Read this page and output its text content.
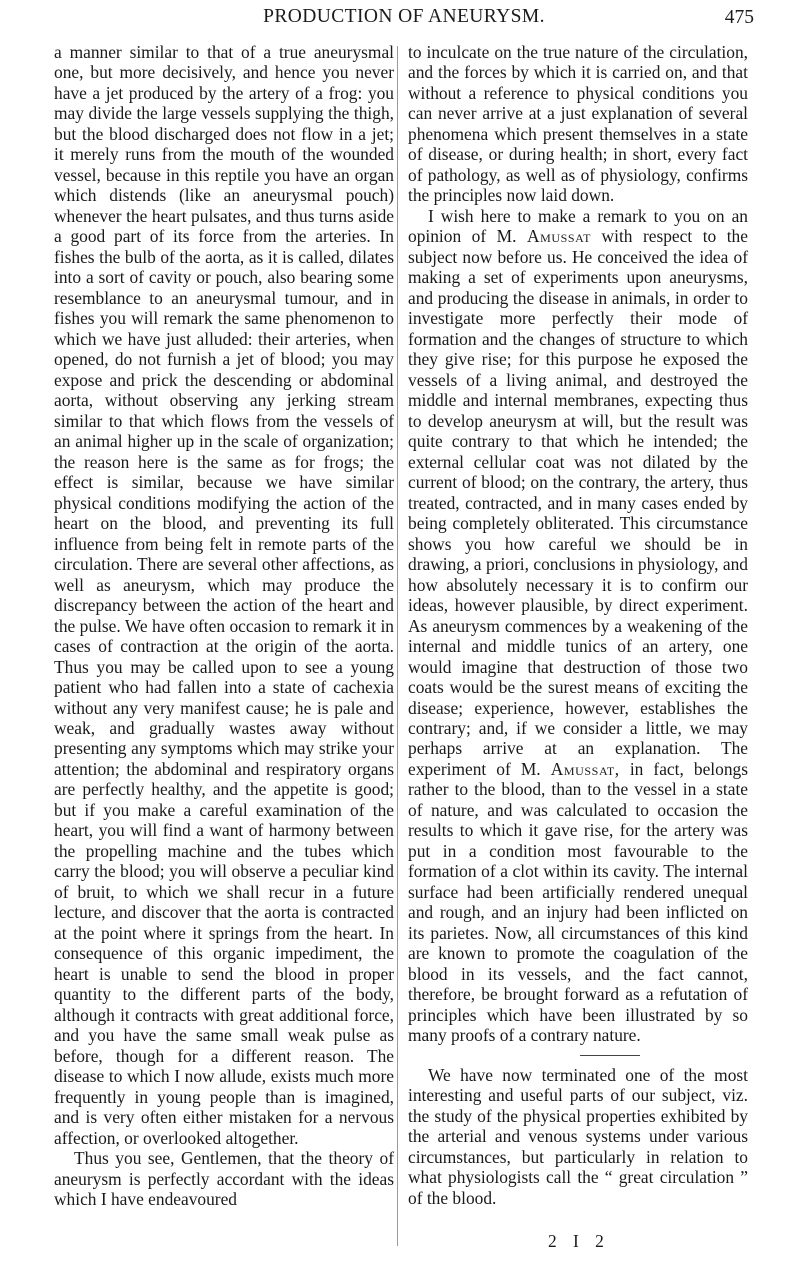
PRODUCTION OF ANEURYSM.	475

a manner similar to that of a true aneurysmal one, but more decisively, and hence you never have a jet produced by the artery of a frog: you may divide the large vessels supplying the thigh, but the blood discharged does not flow in a jet; it merely runs from the mouth of the wounded vessel, because in this reptile you have an organ which distends (like an aneurysmal pouch) whenever the heart pulsates, and thus turns aside a good part of its force from the arteries. In fishes the bulb of the aorta, as it is called, dilates into a sort of cavity or pouch, also bearing some resemblance to an aneurysmal tumour, and in fishes you will remark the same phenomenon to which we have just alluded: their arteries, when opened, do not furnish a jet of blood; you may expose and prick the descending or abdominal aorta, without observing any jerking stream similar to that which flows from the vessels of an animal higher up in the scale of organization; the reason here is the same as for frogs; the effect is similar, because we have similar physical conditions modifying the action of the heart on the blood, and preventing its full influence from being felt in remote parts of the circulation. There are several other affections, as well as aneurysm, which may produce the discrepancy between the action of the heart and the pulse. We have often occasion to remark it in cases of contraction at the origin of the aorta. Thus you may be called upon to see a young patient who had fallen into a state of cachexia without any very manifest cause; he is pale and weak, and gradually wastes away without presenting any symptoms which may strike your attention; the abdominal and respiratory organs are perfectly healthy, and the appetite is good; but if you make a careful examination of the heart, you will find a want of harmony between the propelling machine and the tubes which carry the blood; you will observe a peculiar kind of bruit, to which we shall recur in a future lecture, and discover that the aorta is contracted at the point where it springs from the heart. In consequence of this organic impediment, the heart is unable to send the blood in proper quantity to the different parts of the body, although it contracts with great additional force, and you have the same small weak pulse as before, though for a different reason. The disease to which I now allude, exists much more frequently in young people than is imagined, and is very often either mistaken for a nervous affection, or overlooked altogether.

Thus you see, Gentlemen, that the theory of aneurysm is perfectly accordant with the ideas which I have endeavoured

to inculcate on the true nature of the circulation, and the forces by which it is carried on, and that without a reference to physical conditions you can never arrive at a just explanation of several phenomena which present themselves in a state of disease, or during health; in short, every fact of pathology, as well as of physiology, confirms the principles now laid down.

I wish here to make a remark to you on an opinion of M. Amussat with respect to the subject now before us. He conceived the idea of making a set of experiments upon aneurysms, and producing the disease in animals, in order to investigate more perfectly their mode of formation and the changes of structure to which they give rise; for this purpose he exposed the vessels of a living animal, and destroyed the middle and internal membranes, expecting thus to develop aneurysm at will, but the result was quite contrary to that which he intended; the external cellular coat was not dilated by the current of blood; on the contrary, the artery, thus treated, contracted, and in many cases ended by being completely obliterated. This circumstance shows you how careful we should be in drawing, a priori, conclusions in physiology, and how absolutely necessary it is to confirm our ideas, however plausible, by direct experiment. As aneurysm commences by a weakening of the internal and middle tunics of an artery, one would imagine that destruction of those two coats would be the surest means of exciting the disease; experience, however, establishes the contrary; and, if we consider a little, we may perhaps arrive at an explanation. The experiment of M. Amussat, in fact, belongs rather to the blood, than to the vessel in a state of nature, and was calculated to occasion the results to which it gave rise, for the artery was put in a condition most favourable to the formation of a clot within its cavity. The internal surface had been artificially rendered unequal and rough, and an injury had been inflicted on its parietes. Now, all circumstances of this kind are known to promote the coagulation of the blood in its vessels, and the fact cannot, therefore, be brought forward as a refutation of principles which have been illustrated by so many proofs of a contrary nature.

We have now terminated one of the most interesting and useful parts of our subject, viz. the study of the physical properties exhibited by the arterial and venous systems under various circumstances, but particularly in relation to what physiologists call the “ great circulation ” of the blood.

2 I 2
